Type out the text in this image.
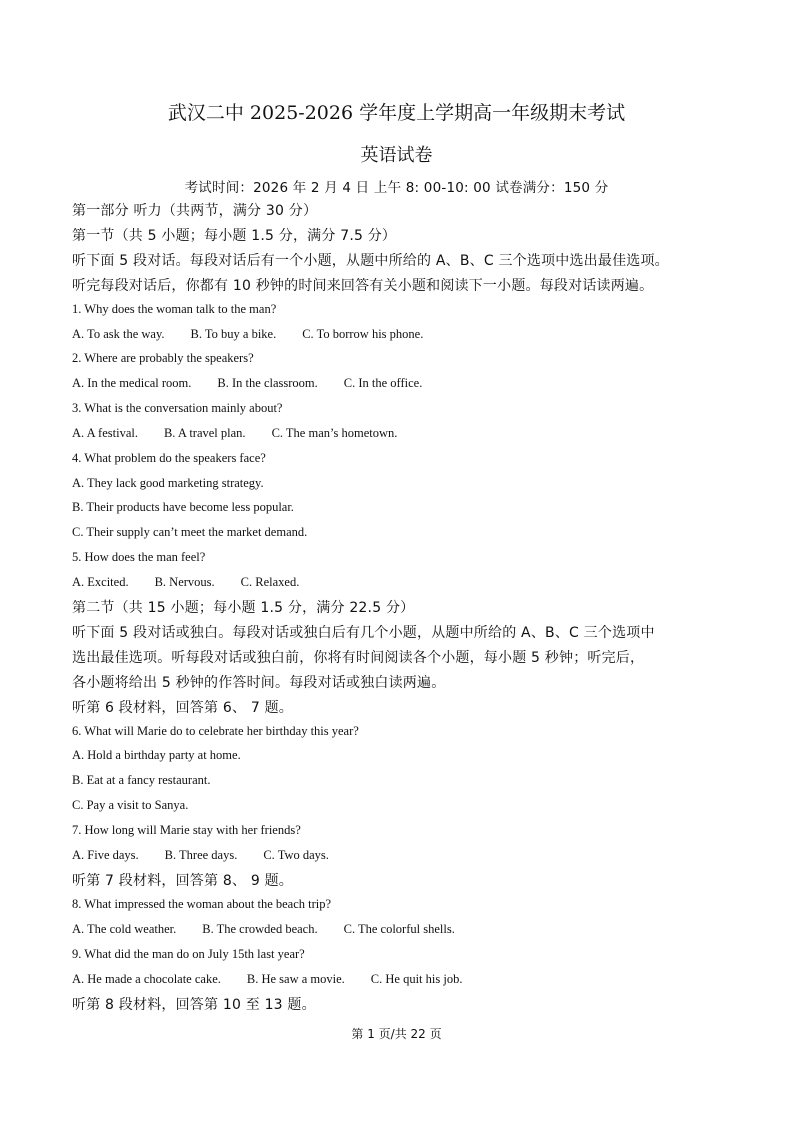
武汉二中 2025-2026 学年度上学期高一年级期末考试
英语试卷
考试时间：2026 年 2 月 4 日 上午 8: 00-10: 00 试卷满分：150 分
第一部分 听力（共两节，满分 30 分）
第一节（共 5 小题；每小题 1.5 分，满分 7.5 分）
听下面 5 段对话。每段对话后有一个小题，从题中所给的 A、B、C 三个选项中选出最佳选项。
听完每段对话后，你都有 10 秒钟的时间来回答有关小题和阅读下一小题。每段对话读两遍。
1. Why does the woman talk to the man?
A. To ask the way. B. To buy a bike. C. To borrow his phone.
2. Where are probably the speakers?
A. In the medical room. B. In the classroom. C. In the office.
3. What is the conversation mainly about?
A. A festival. B. A travel plan. C. The man’s hometown.
4. What problem do the speakers face?
A. They lack good marketing strategy.
B. Their products have become less popular.
C. Their supply can’t meet the market demand.
5. How does the man feel?
A. Excited. B. Nervous. C. Relaxed.
第二节（共 15 小题；每小题 1.5 分，满分 22.5 分）
听下面 5 段对话或独白。每段对话或独白后有几个小题，从题中所给的 A、B、C 三个选项中
选出最佳选项。听每段对话或独白前，你将有时间阅读各个小题，每小题 5 秒钟；听完后，
各小题将给出 5 秒钟的作答时间。每段对话或独白读两遍。
听第 6 段材料，回答第 6、 7 题。
6. What will Marie do to celebrate her birthday this year?
A. Hold a birthday party at home.
B. Eat at a fancy restaurant.
C. Pay a visit to Sanya.
7. How long will Marie stay with her friends?
A. Five days. B. Three days. C. Two days.
听第 7 段材料，回答第 8、 9 题。
8. What impressed the woman about the beach trip?
A. The cold weather. B. The crowded beach. C. The colorful shells.
9. What did the man do on July 15th last year?
A. He made a chocolate cake. B. He saw a movie. C. He quit his job.
听第 8 段材料，回答第 10 至 13 题。
第 1 页/共 22 页
